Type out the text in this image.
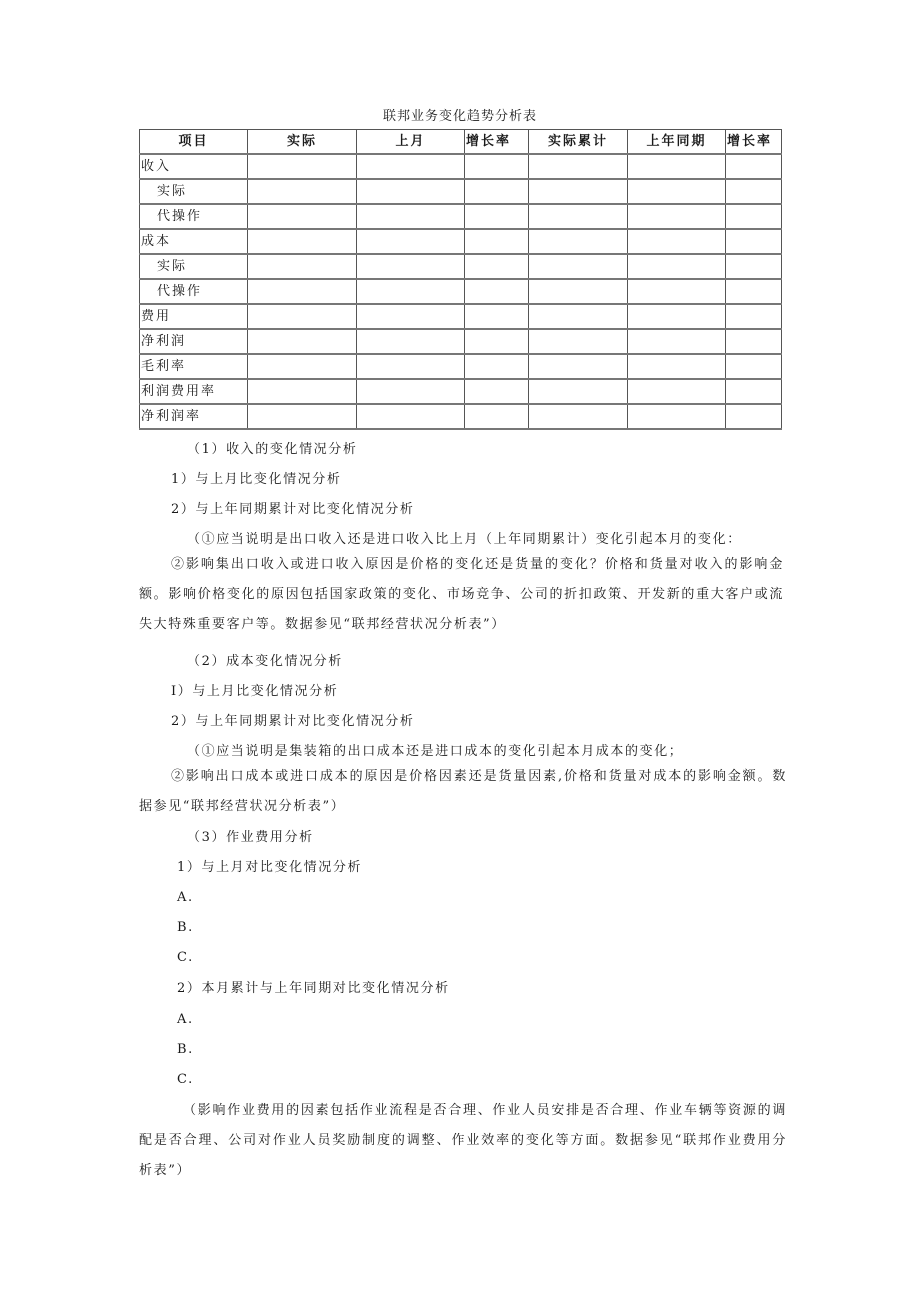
联邦业务变化趋势分析表
项目	实际	上月	增长率	实际累计	上年同期	增长率
收入						
实际						
代操作						
成本						
实际						
代操作						
费用						
净利润						
毛利率						
利润费用率						
净利润率						
（1）收入的变化情况分析
1）与上月比变化情况分析
2）与上年同期累计对比变化情况分析
（①应当说明是出口收入还是进口收入比上月（上年同期累计）变化引起本月的变化：
②影响集出口收入或进口收入原因是价格的变化还是货量的变化？价格和货量对收入的影响金额。影响价格变化的原因包括国家政策的变化、市场竞争、公司的折扣政策、开发新的重大客户或流失大特殊重要客户等。数据参见“联邦经营状况分析表”）
（2）成本变化情况分析
I）与上月比变化情况分析
2）与上年同期累计对比变化情况分析
（①应当说明是集装箱的出口成本还是进口成本的变化引起本月成本的变化；
②影响出口成本或进口成本的原因是价格因素还是货量因素,价格和货量对成本的影响金额。数据参见“联邦经营状况分析表”）
（3）作业费用分析
1）与上月对比变化情况分析
A.
B.
C.
2）本月累计与上年同期对比变化情况分析
A.
B.
C.
（影响作业费用的因素包括作业流程是否合理、作业人员安排是否合理、作业车辆等资源的调配是否合理、公司对作业人员奖励制度的调整、作业效率的变化等方面。数据参见“联邦作业费用分析表”）
